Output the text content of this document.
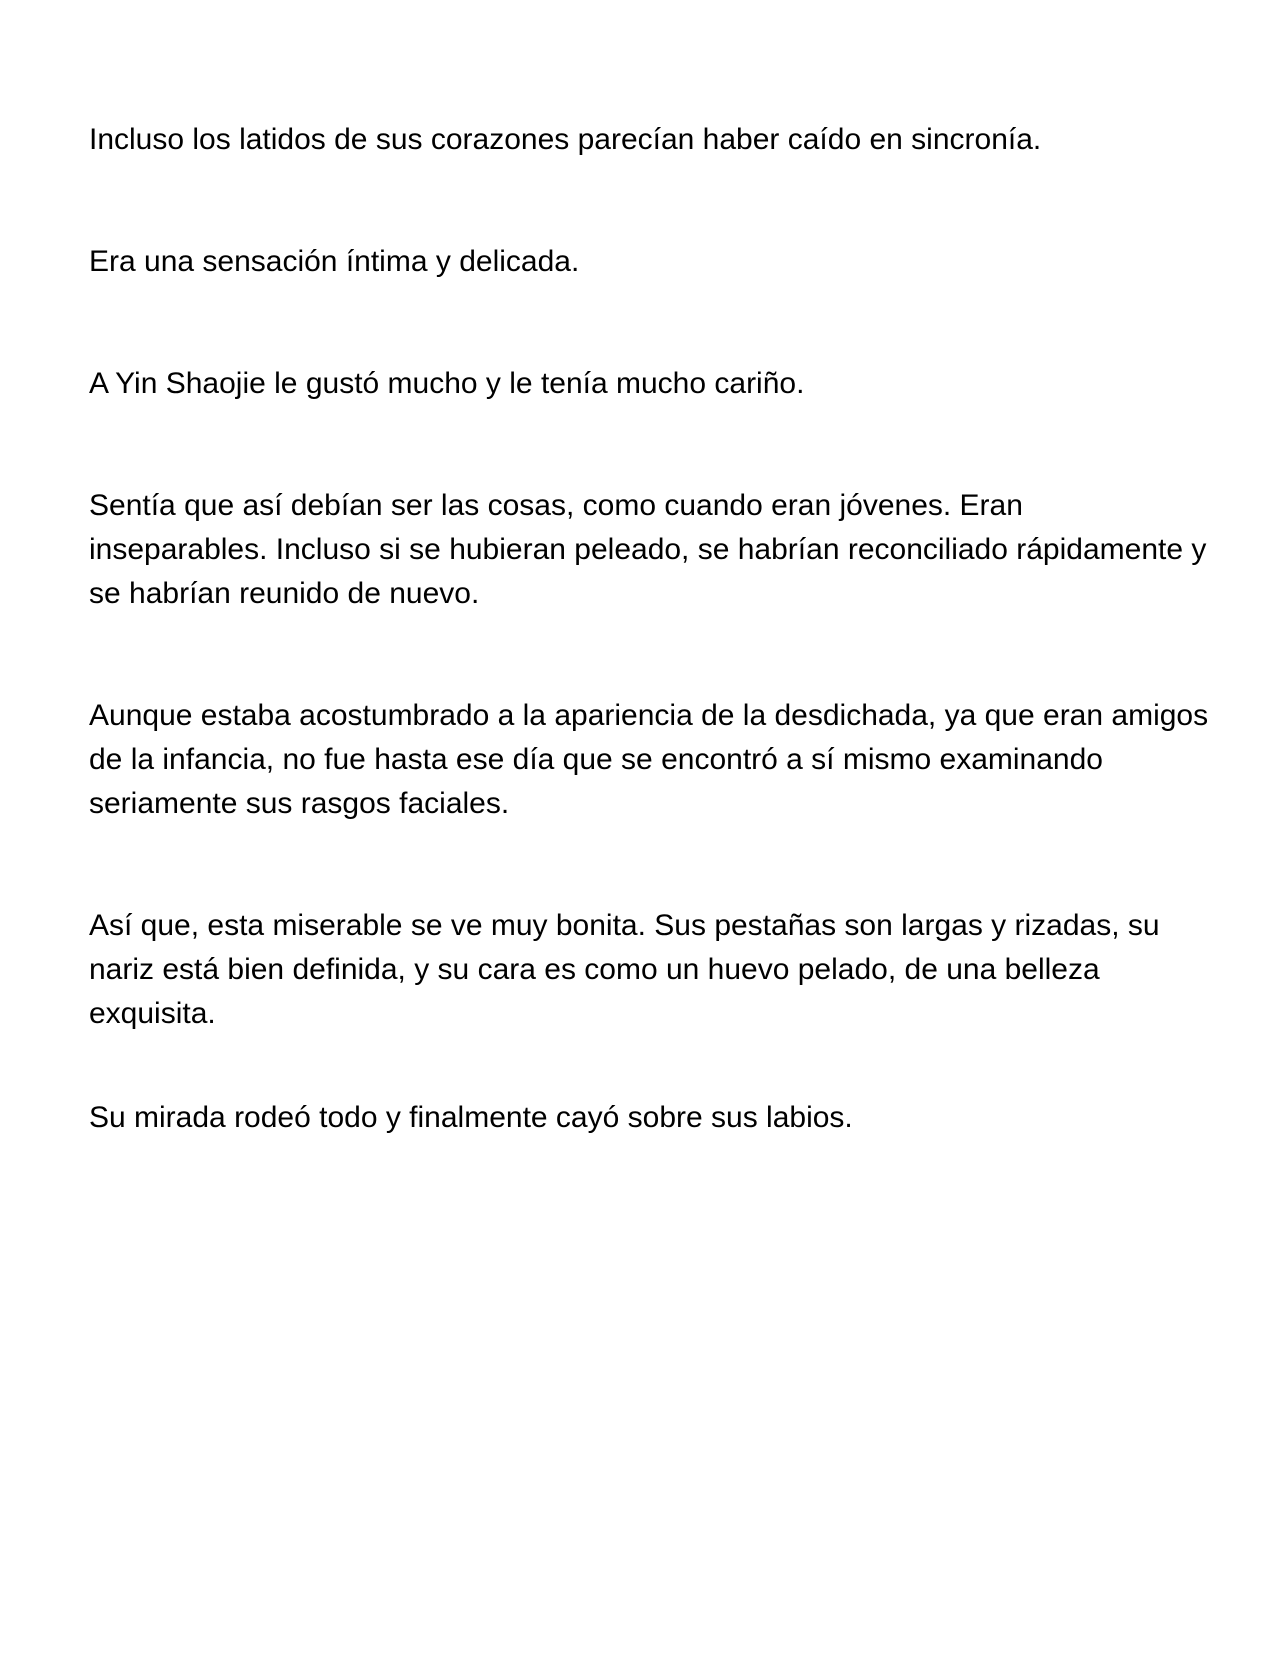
Incluso los latidos de sus corazones parecían haber caído en sincronía.

Era una sensación íntima y delicada.

A Yin Shaojie le gustó mucho y le tenía mucho cariño.

Sentía que así debían ser las cosas, como cuando eran jóvenes. Eran inseparables. Incluso si se hubieran peleado, se habrían reconciliado rápidamente y se habrían reunido de nuevo.

Aunque estaba acostumbrado a la apariencia de la desdichada, ya que eran amigos de la infancia, no fue hasta ese día que se encontró a sí mismo examinando seriamente sus rasgos faciales.

Así que, esta miserable se ve muy bonita. Sus pestañas son largas y rizadas, su nariz está bien definida, y su cara es como un huevo pelado, de una belleza exquisita.

Su mirada rodeó todo y finalmente cayó sobre sus labios.
